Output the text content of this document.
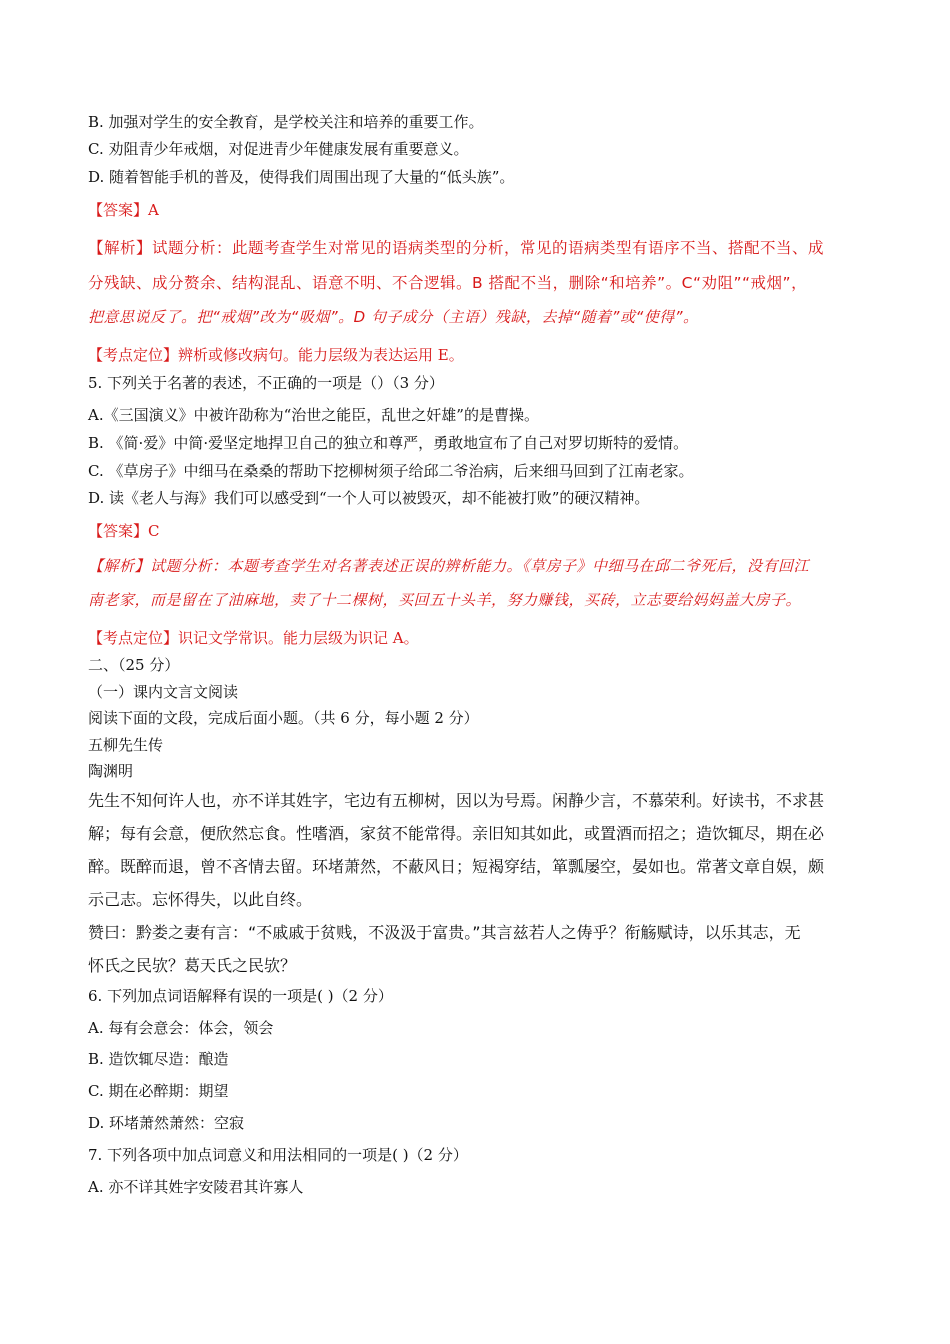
B. 加强对学生的安全教育，是学校关注和培养的重要工作。

C. 劝阻青少年戒烟，对促进青少年健康发展有重要意义。

D. 随着智能手机的普及，使得我们周围出现了大量的“低头族”。

【答案】A

【解析】试题分析：此题考查学生对常见的语病类型的分析，常见的语病类型有语序不当、搭配不当、成

分残缺、成分赘余、结构混乱、语意不明、不合逻辑。B 搭配不当，删除“和培养”。C“劝阻”“戒烟”，

把意思说反了。把“戒烟”改为“吸烟”。D 句子成分（主语）残缺，去掉“随着”或“使得”。

【考点定位】辨析或修改病句。能力层级为表达运用 E。

5. 下列关于名著的表述，不正确的一项是（）（3 分）

A.《三国演义》中被许劭称为“治世之能臣，乱世之奸雄”的是曹操。

B. 《简·爱》中简·爱坚定地捍卫自己的独立和尊严，勇敢地宣布了自己对罗切斯特的爱情。

C. 《草房子》中细马在桑桑的帮助下挖柳树须子给邱二爷治病，后来细马回到了江南老家。

D. 读《老人与海》我们可以感受到“一个人可以被毁灭，却不能被打败”的硬汉精神。

【答案】C

【解析】试题分析：本题考查学生对名著表述正误的辨析能力。《草房子》中细马在邱二爷死后，没有回江

南老家，而是留在了油麻地，卖了十二棵树，买回五十头羊，努力赚钱，买砖，立志要给妈妈盖大房子。

【考点定位】识记文学常识。能力层级为识记 A。

二、（25 分）

（一）课内文言文阅读

阅读下面的文段，完成后面小题。（共 6 分，每小题 2 分）

五柳先生传

陶渊明

先生不知何许人也，亦不详其姓字，宅边有五柳树，因以为号焉。闲静少言，不慕荣利。好读书，不求甚

解；每有会意，便欣然忘食。性嗜酒，家贫不能常得。亲旧知其如此，或置酒而招之；造饮辄尽，期在必

醉。既醉而退，曾不吝情去留。环堵萧然，不蔽风日；短褐穿结，箪瓢屡空，晏如也。常著文章自娱，颇

示己志。忘怀得失，以此自终。

赞曰：黔娄之妻有言：“不戚戚于贫贱，不汲汲于富贵。”其言兹若人之俦乎？衔觞赋诗，以乐其志，无

怀氏之民欤？葛天氏之民欤？

6. 下列加点词语解释有误的一项是( )（2 分）

A. 每有会意会：体会，领会

B. 造饮辄尽造：酿造

C. 期在必醉期：期望

D. 环堵萧然萧然：空寂

7. 下列各项中加点词意义和用法相同的一项是( )（2 分）

A. 亦不详其姓字安陵君其许寡人
